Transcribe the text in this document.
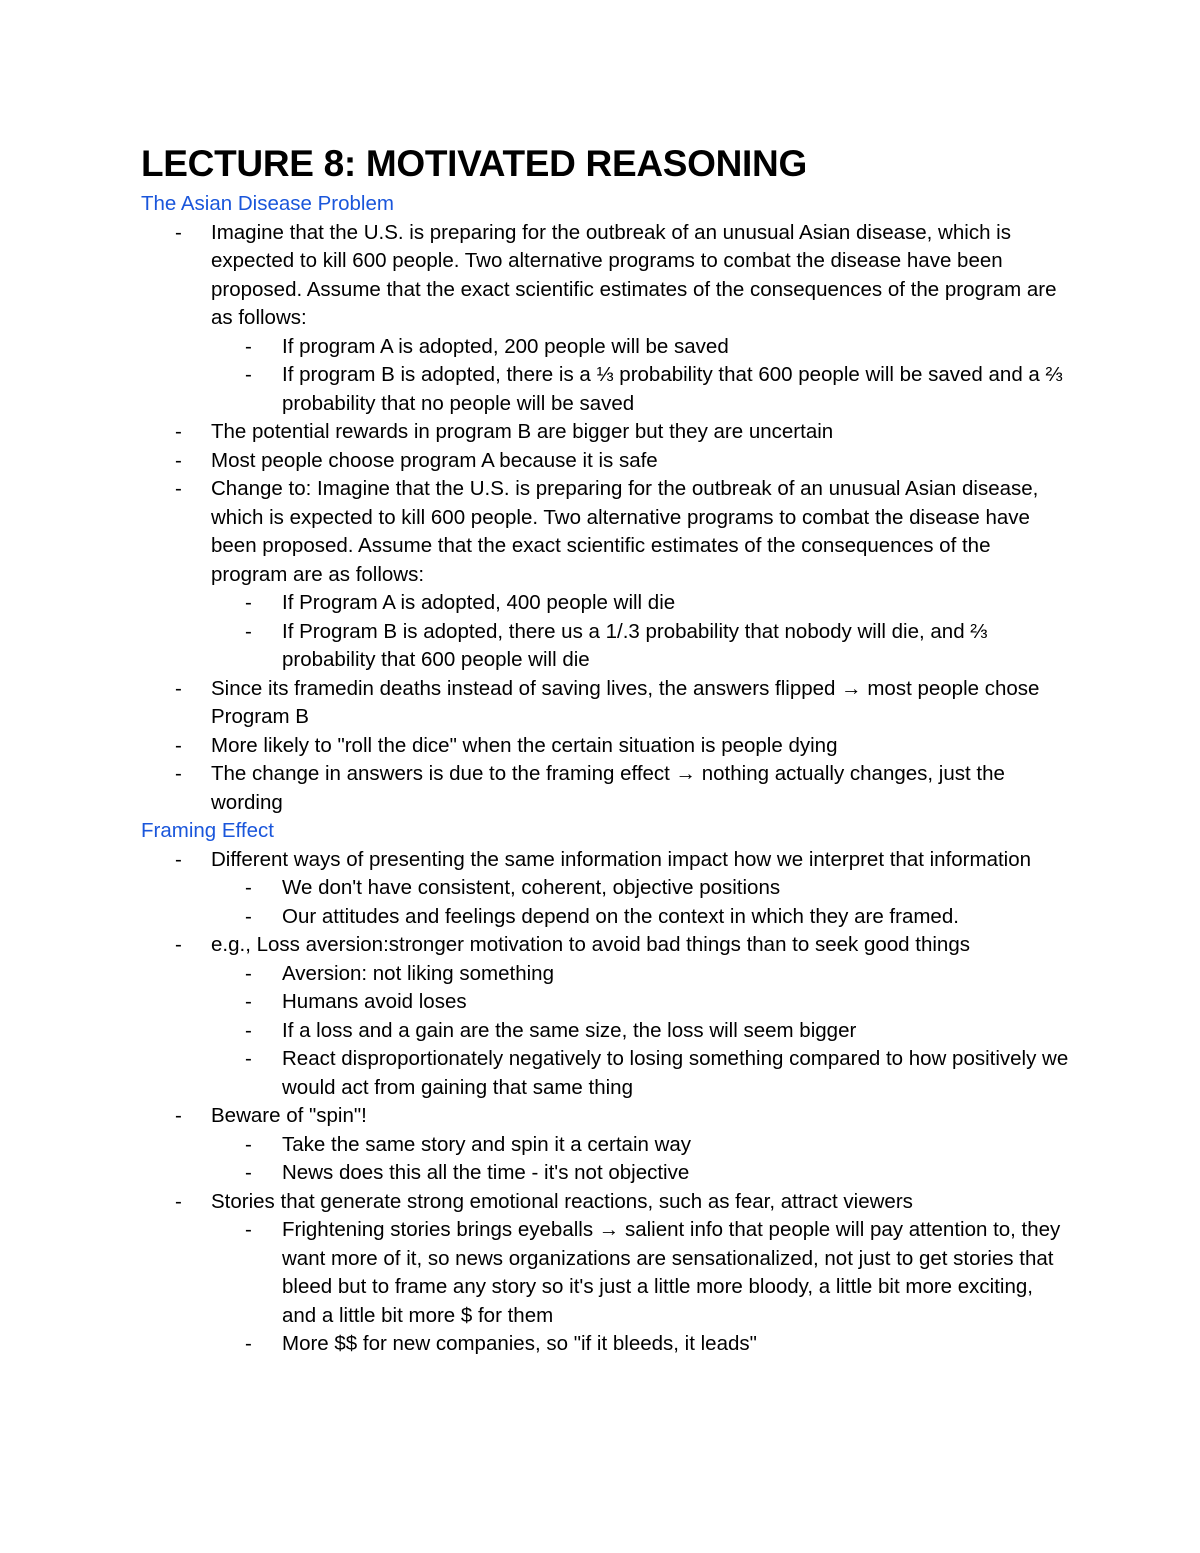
LECTURE 8: MOTIVATED REASONING
The Asian Disease Problem
-	Imagine that the U.S. is preparing for the outbreak of an unusual Asian disease, which is expected to kill 600 people. Two alternative programs to combat the disease have been proposed. Assume that the exact scientific estimates of the consequences of the program are as follows:
-	If program A is adopted, 200 people will be saved
-	If program B is adopted, there is a ⅓ probability that 600 people will be saved and a ⅔ probability that no people will be saved
-	The potential rewards in program B are bigger but they are uncertain
-	Most people choose program A because it is safe
-	Change to: Imagine that the U.S. is preparing for the outbreak of an unusual Asian disease, which is expected to kill 600 people. Two alternative programs to combat the disease have been proposed. Assume that the exact scientific estimates of the consequences of the program are as follows:
-	If Program A is adopted, 400 people will die
-	If Program B is adopted, there us a 1/.3 probability that nobody will die, and ⅔ probability that 600 people will die
-	Since its framedin deaths instead of saving lives, the answers flipped → most people chose Program B
-	More likely to "roll the dice" when the certain situation is people dying
-	The change in answers is due to the framing effect → nothing actually changes, just the wording
Framing Effect
-	Different ways of presenting the same information impact how we interpret that information
-	We don't have consistent, coherent, objective positions
-	Our attitudes and feelings depend on the context in which they are framed.
-	e.g., Loss aversion:stronger motivation to avoid bad things than to seek good things
-	Aversion: not liking something
-	Humans avoid loses
-	If a loss and a gain are the same size, the loss will seem bigger
-	React disproportionately negatively to losing something compared to how positively we would act from gaining that same thing
-	Beware of "spin"!
-	Take the same story and spin it a certain way
-	News does this all the time - it's not objective
-	Stories that generate strong emotional reactions, such as fear, attract viewers
-	Frightening stories brings eyeballs → salient info that people will pay attention to, they want more of it, so news organizations are sensationalized, not just to get stories that bleed but to frame any story so it's just a little more bloody, a little bit more exciting, and a little bit more $ for them
-	More $$ for new companies, so "if it bleeds, it leads"
